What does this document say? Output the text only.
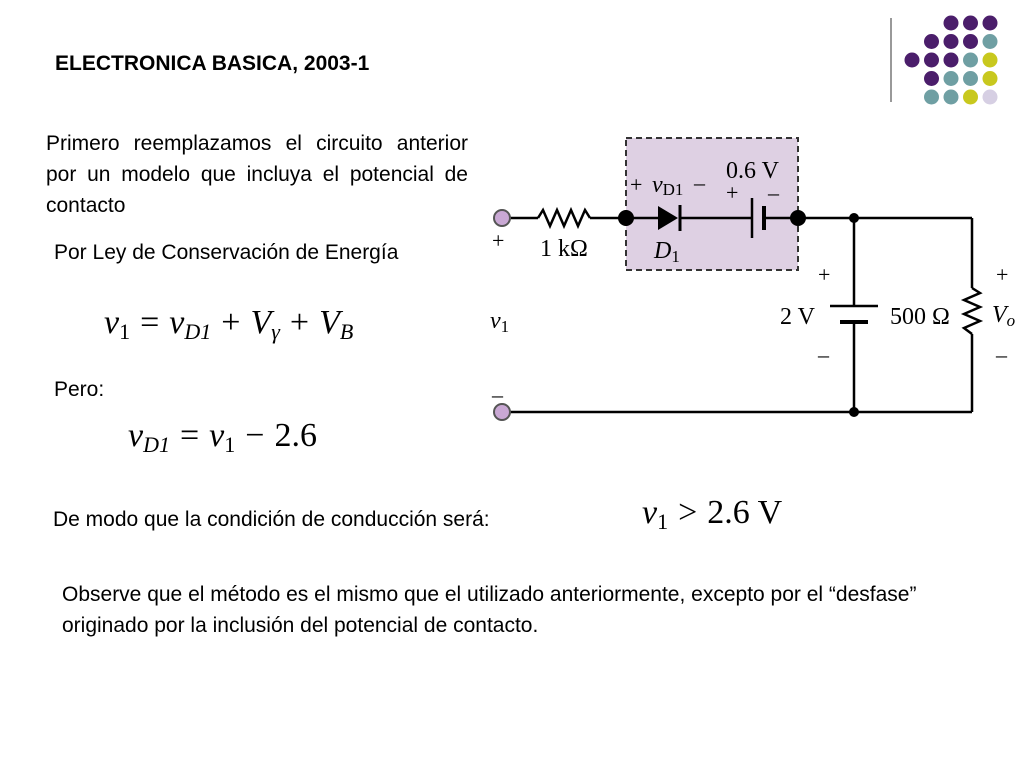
ELECTRONICA BASICA, 2003-1
Primero reemplazamos el circuito anterior por un modelo que incluya el potencial de contacto
Por Ley de Conservación de Energía
$v_1 = v_{D1} + V_\gamma + V_B$
Pero:
$v_{D1} = v_1 - 2.6$
De modo que la condición de conducción será:	$v_1 > 2.6$ V
Observe que el método es el mismo que el utilizado anteriormente, excepto por el “desfase” originado por la inclusión del potencial de contacto.
+ vD1 – 0.6 V
+ –
1 kΩ	D1
+
v1
–
+
2 V
–
500 Ω
+
Vo
–
